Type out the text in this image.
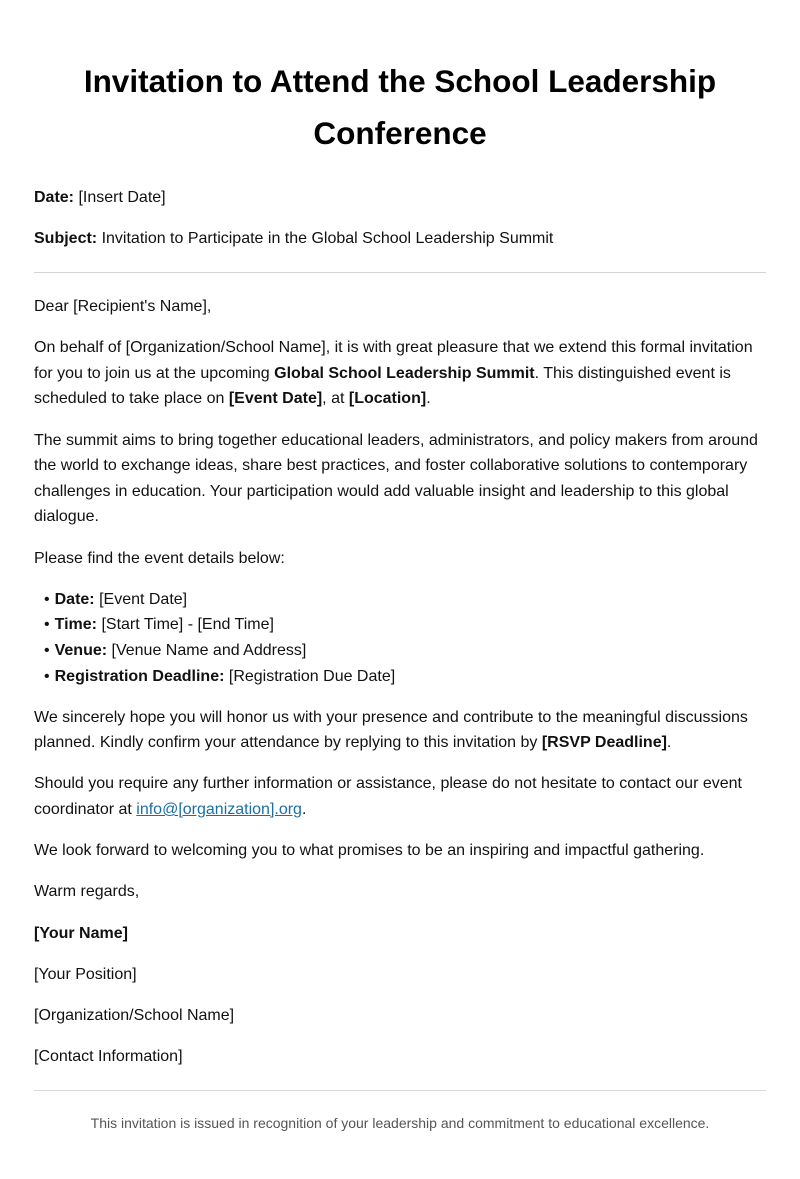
Invitation to Attend the School Leadership Conference

Date: [Insert Date]

Subject: Invitation to Participate in the Global School Leadership Summit

Dear [Recipient's Name],

On behalf of [Organization/School Name], it is with great pleasure that we extend this formal invitation for you to join us at the upcoming Global School Leadership Summit. This distinguished event is scheduled to take place on [Event Date], at [Location].

The summit aims to bring together educational leaders, administrators, and policy makers from around the world to exchange ideas, share best practices, and foster collaborative solutions to contemporary challenges in education. Your participation would add valuable insight and leadership to this global dialogue.

Please find the event details below:

• Date: [Event Date]
• Time: [Start Time] - [End Time]
• Venue: [Venue Name and Address]
• Registration Deadline: [Registration Due Date]

We sincerely hope you will honor us with your presence and contribute to the meaningful discussions planned. Kindly confirm your attendance by replying to this invitation by [RSVP Deadline].

Should you require any further information or assistance, please do not hesitate to contact our event coordinator at info@[organization].org.

We look forward to welcoming you to what promises to be an inspiring and impactful gathering.

Warm regards,

[Your Name]

[Your Position]

[Organization/School Name]

[Contact Information]

This invitation is issued in recognition of your leadership and commitment to educational excellence.
